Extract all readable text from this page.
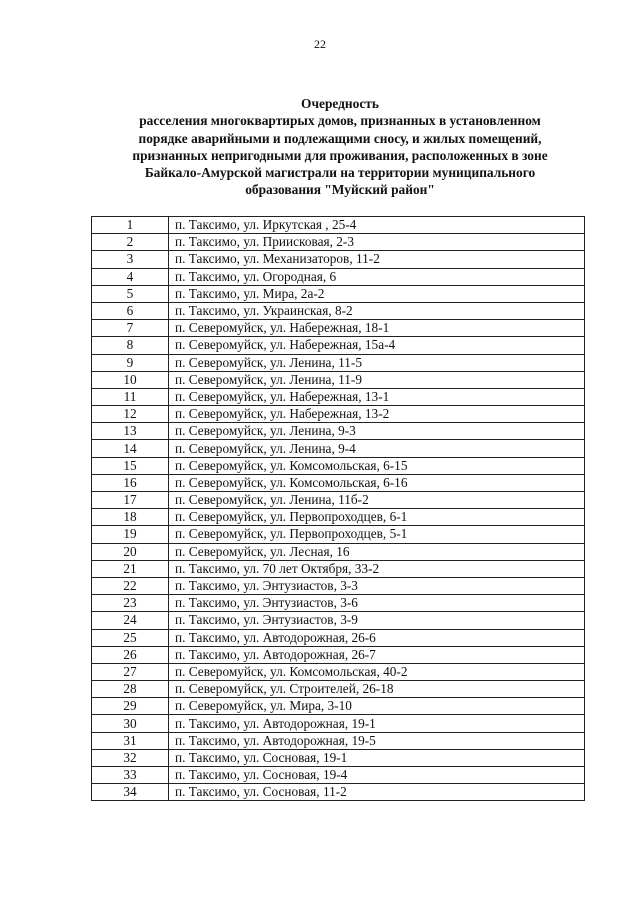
22
Очередность
расселения многоквартирых домов, признанных в установленном
порядке аварийными и подлежащими сносу, и жилых помещений,
признанных непригодными для проживания, расположенных в зоне
Байкало-Амурской магистрали на территории муниципального
образования "Муйский район"
1	п. Таксимо, ул. Иркутская , 25-4
2	п. Таксимо, ул. Приисковая, 2-3
3	п. Таксимо, ул. Механизаторов, 11-2
4	п. Таксимо, ул. Огородная, 6
5	п. Таксимо, ул. Мира, 2а-2
6	п. Таксимо, ул. Украинская, 8-2
7	п. Северомуйск, ул. Набережная, 18-1
8	п. Северомуйск, ул. Набережная, 15а-4
9	п. Северомуйск, ул. Ленина, 11-5
10	п. Северомуйск, ул. Ленина, 11-9
11	п. Северомуйск, ул. Набережная, 13-1
12	п. Северомуйск, ул. Набережная, 13-2
13	п. Северомуйск, ул. Ленина, 9-3
14	п. Северомуйск, ул. Ленина, 9-4
15	п. Северомуйск, ул. Комсомольская, 6-15
16	п. Северомуйск, ул. Комсомольская, 6-16
17	п. Северомуйск, ул. Ленина, 11б-2
18	п. Северомуйск, ул. Первопроходцев, 6-1
19	п. Северомуйск, ул. Первопроходцев, 5-1
20	п. Северомуйск, ул. Лесная, 16
21	п. Таксимо, ул. 70 лет Октября, 33-2
22	п. Таксимо, ул. Энтузиастов, 3-3
23	п. Таксимо, ул. Энтузиастов, 3-6
24	п. Таксимо, ул. Энтузиастов, 3-9
25	п. Таксимо, ул. Автодорожная, 26-6
26	п. Таксимо, ул. Автодорожная, 26-7
27	п. Северомуйск, ул. Комсомольская, 40-2
28	п. Северомуйск, ул. Строителей, 26-18
29	п. Северомуйск, ул. Мира, 3-10
30	п. Таксимо, ул. Автодорожная, 19-1
31	п. Таксимо, ул. Автодорожная, 19-5
32	п. Таксимо, ул. Сосновая, 19-1
33	п. Таксимо, ул. Сосновая, 19-4
34	п. Таксимо, ул. Сосновая, 11-2
